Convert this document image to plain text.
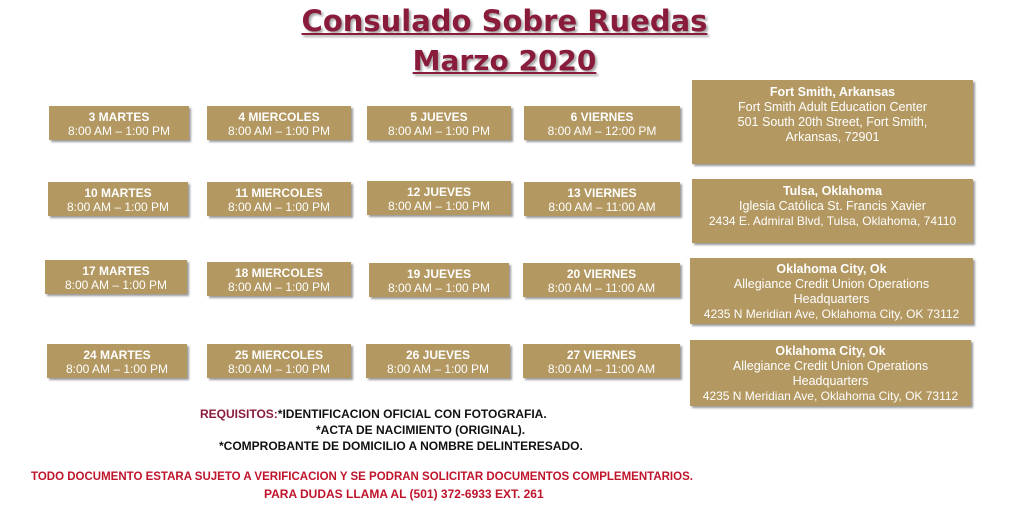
Consulado Sobre Ruedas
Marzo 2020
3 MARTES
8:00 AM – 1:00 PM
4 MIERCOLES
8:00 AM – 1:00 PM
5 JUEVES
8:00 AM – 1:00 PM
6 VIERNES
8:00 AM – 12:00 PM
10 MARTES
8:00 AM – 1:00 PM
11 MIERCOLES
8:00 AM – 1:00 PM
12 JUEVES
8:00 AM – 1:00 PM
13 VIERNES
8:00 AM – 11:00 AM
17 MARTES
8:00 AM – 1:00 PM
18 MIERCOLES
8:00 AM – 1:00 PM
19 JUEVES
8:00 AM – 1:00 PM
20 VIERNES
8:00 AM – 11:00 AM
24 MARTES
8:00 AM – 1:00 PM
25 MIERCOLES
8:00 AM – 1:00 PM
26 JUEVES
8:00 AM – 1:00 PM
27 VIERNES
8:00 AM – 11:00 AM
Fort Smith, Arkansas
Fort Smith Adult Education Center
501 South 20th Street, Fort Smith,
Arkansas, 72901
Tulsa, Oklahoma
Iglesia Católica St. Francis Xavier
2434 E. Admiral Blvd, Tulsa, Oklahoma, 74110
Oklahoma City, Ok
Allegiance Credit Union Operations
Headquarters
4235 N Meridian Ave, Oklahoma City, OK 73112
Oklahoma City, Ok
Allegiance Credit Union Operations
Headquarters
4235 N Meridian Ave, Oklahoma City, OK 73112
REQUISITOS:*IDENTIFICACION OFICIAL CON FOTOGRAFIA.
*ACTA DE NACIMIENTO (ORIGINAL).
*COMPROBANTE DE DOMICILIO A NOMBRE DELINTERESADO.
TODO DOCUMENTO ESTARA SUJETO A VERIFICACION Y SE PODRAN SOLICITAR DOCUMENTOS COMPLEMENTARIOS.
PARA DUDAS LLAMA AL (501) 372-6933 EXT. 261
